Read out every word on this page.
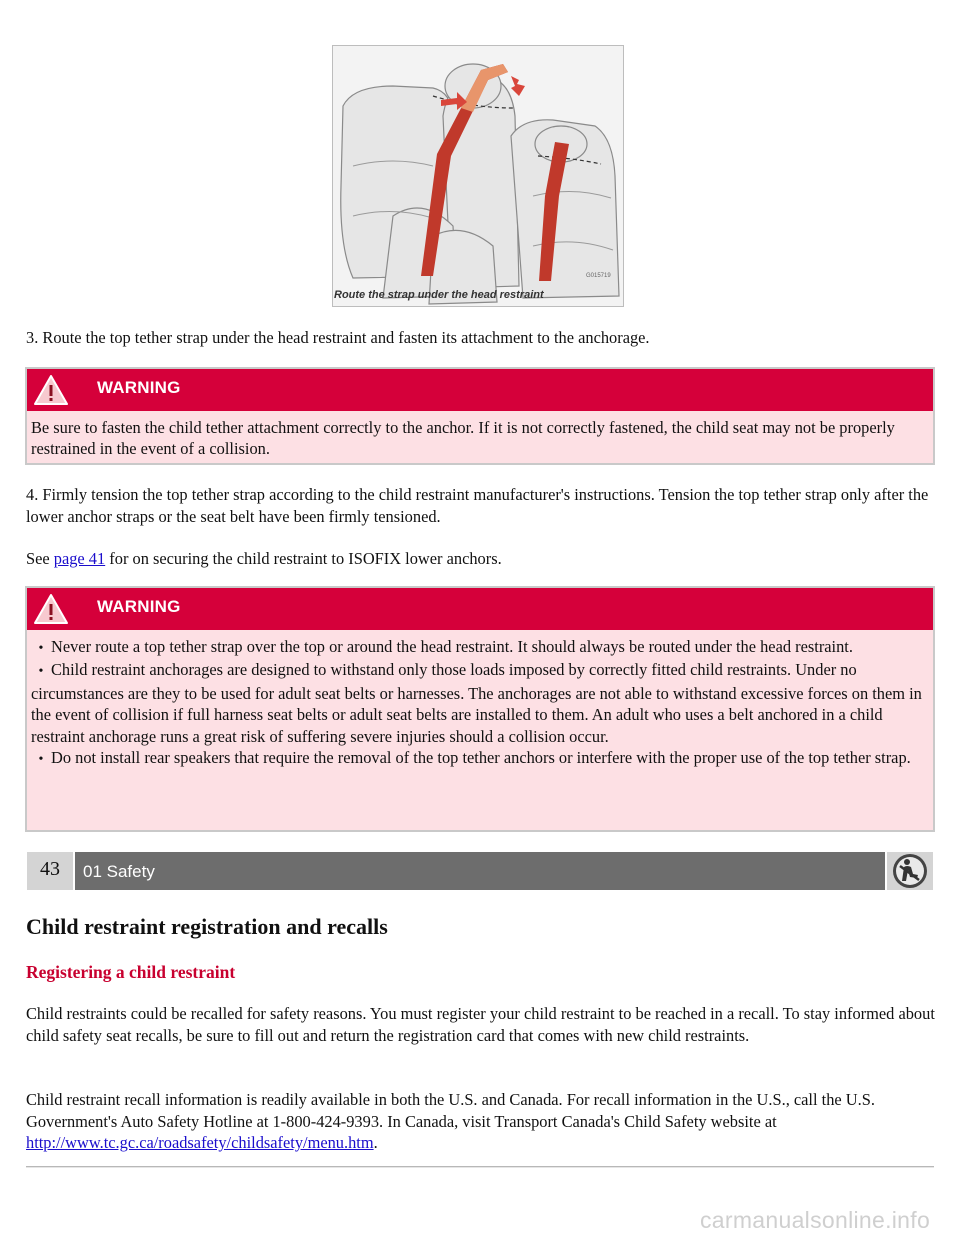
G015719
Route the strap under the head restraint
3. Route the top tether strap under the head restraint and fasten its attachment to the anchorage.
WARNING
Be sure to fasten the child tether attachment correctly to the anchor. If it is not correctly fastened, the child seat may not be properly restrained in the event of a collision.
4. Firmly tension the top tether strap according to the child restraint manufacturer's instructions. Tension the top tether strap only after the lower anchor straps or the seat belt have been firmly tensioned.
See page 41 for on securing the child restraint to ISOFIX lower anchors.
WARNING
• Never route a top tether strap over the top or around the head restraint. It should always be routed under the head restraint.
• Child restraint anchorages are designed to withstand only those loads imposed by correctly fitted child restraints. Under no circumstances are they to be used for adult seat belts or harnesses. The anchorages are not able to withstand excessive forces on them in the event of collision if full harness seat belts or adult seat belts are installed to them. An adult who uses a belt anchored in a child restraint anchorage runs a great risk of suffering severe injuries should a collision occur.
• Do not install rear speakers that require the removal of the top tether anchors or interfere with the proper use of the top tether strap.
43	01 Safety
Child restraint registration and recalls
Registering a child restraint
Child restraints could be recalled for safety reasons. You must register your child restraint to be reached in a recall. To stay informed about child safety seat recalls, be sure to fill out and return the registration card that comes with new child restraints.
Child restraint recall information is readily available in both the U.S. and Canada. For recall information in the U.S., call the U.S. Government's Auto Safety Hotline at 1-800-424-9393. In Canada, visit Transport Canada's Child Safety website at http://www.tc.gc.ca/roadsafety/childsafety/menu.htm.
carmanualsonline.info
